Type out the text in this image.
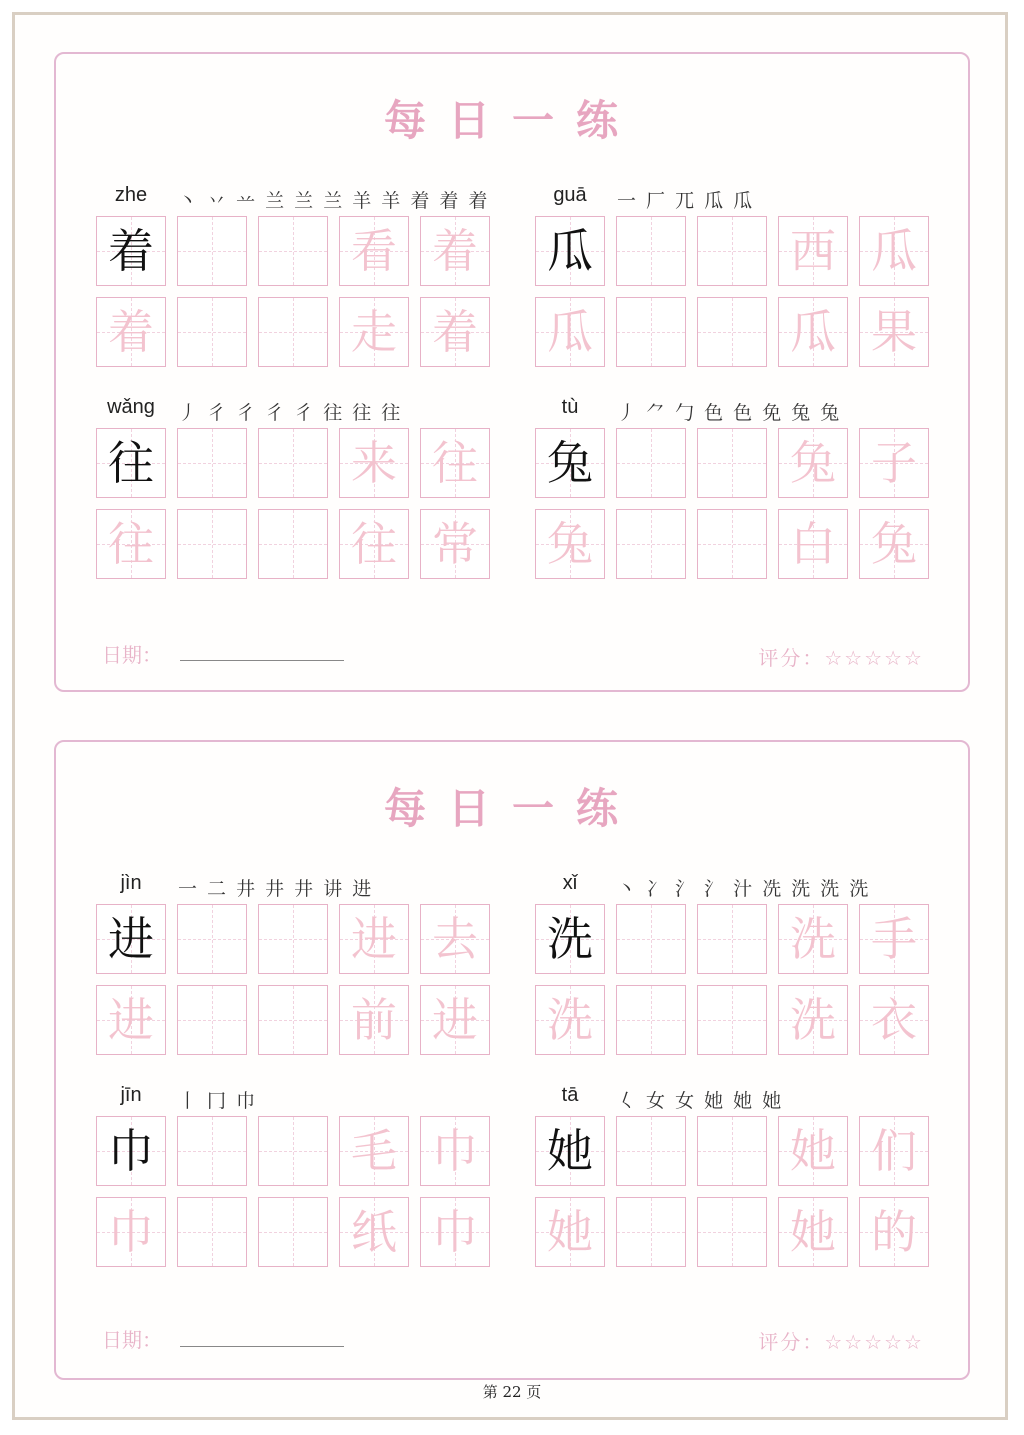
每日一练
zhe	丶 丷 䒑 兰 兰 兰 羊 羊 着 着 着
着	看 着
着	走 着
guā	一 厂 兀 瓜 瓜
瓜	西 瓜
瓜	瓜 果
wǎng	丿 彳 彳 彳 彳 往 往 往
往	来 往
往	往 常
tù	丿 ⺈ 勹 色 色 免 兔 兔
兔	兔 子
兔	白 兔
日期：	评分：☆☆☆☆☆
每日一练
jìn	一 二 井 井 井 讲 进
进	进 去
进	前 进
xǐ	丶 冫 氵 氵 汁 冼 洗 洗 洗
洗	洗 手
洗	洗 衣
jīn	丨 冂 巾
巾	毛 巾
巾	纸 巾
tā	𡿨 女 女 她 她 她
她	她 们
她	她 的
日期：	评分：☆☆☆☆☆
第 22 页
